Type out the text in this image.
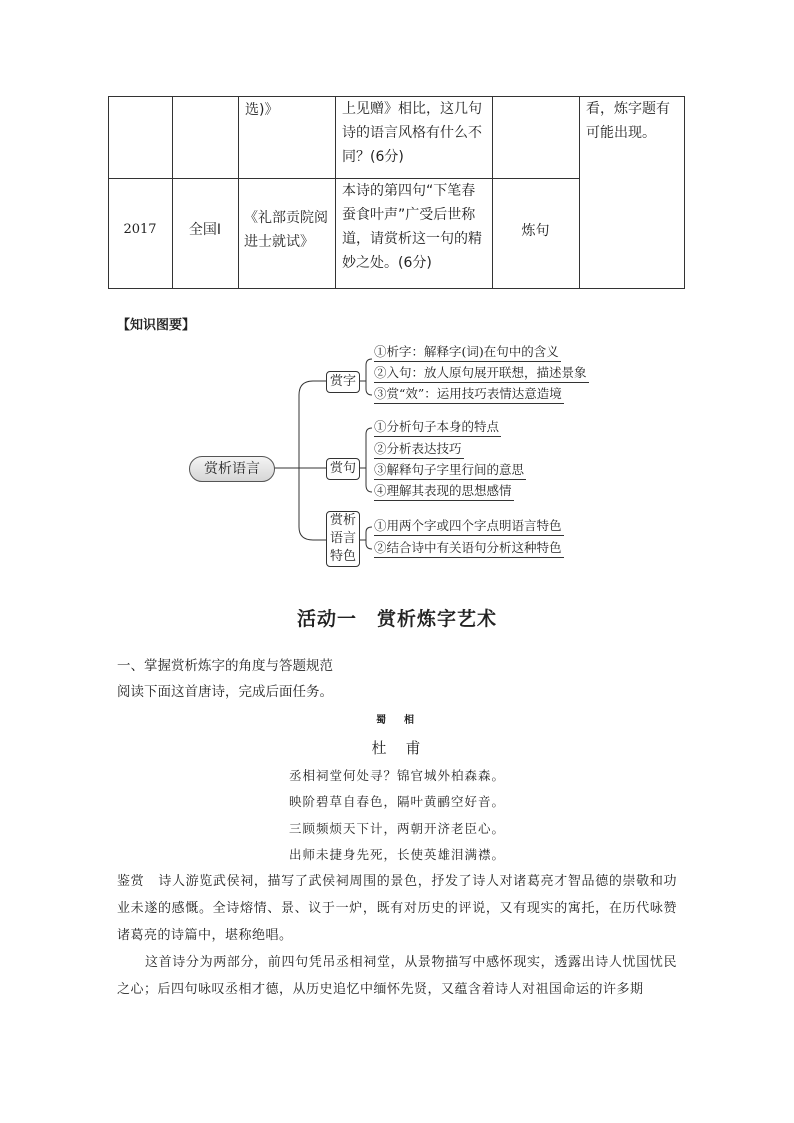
选)》	上见赠》相比，这几句诗的语言风格有什么不同？(6分)
看，炼字题有可能出现。
2017	全国Ⅰ
《礼部贡院阅进士就试》
本诗的第四句“下笔春蚕食叶声”广受后世称道，请赏析这一句的精妙之处。(6分)
炼句
【知识图要】
赏析语言
赏字
赏句
赏析语言特色
①析字：解释字(词)在句中的含义
②入句：放人原句展开联想，描述景象
③赏“效”：运用技巧表情达意造境
①分析句子本身的特点
②分析表达技巧
③解释句子字里行间的意思
④理解其表现的思想感情
①用两个字或四个字点明语言特色
②结合诗中有关语句分析这种特色
活动一　赏析炼字艺术
一、掌握赏析炼字的角度与答题规范
阅读下面这首唐诗，完成后面任务。
蜀　相
杜　甫
丞相祠堂何处寻？锦官城外柏森森。
映阶碧草自春色，隔叶黄鹂空好音。
三顾频烦天下计，两朝开济老臣心。
出师未捷身先死，长使英雄泪满襟。
鉴赏 诗人游览武侯祠，描写了武侯祠周围的景色，抒发了诗人对诸葛亮才智品德的崇敬和功业未遂的感慨。全诗熔情、景、议于一炉，既有对历史的评说，又有现实的寓托，在历代咏赞诸葛亮的诗篇中，堪称绝唱。
这首诗分为两部分，前四句凭吊丞相祠堂，从景物描写中感怀现实，透露出诗人忧国忧民之心；后四句咏叹丞相才德，从历史追忆中缅怀先贤，又蕴含着诗人对祖国命运的许多期
